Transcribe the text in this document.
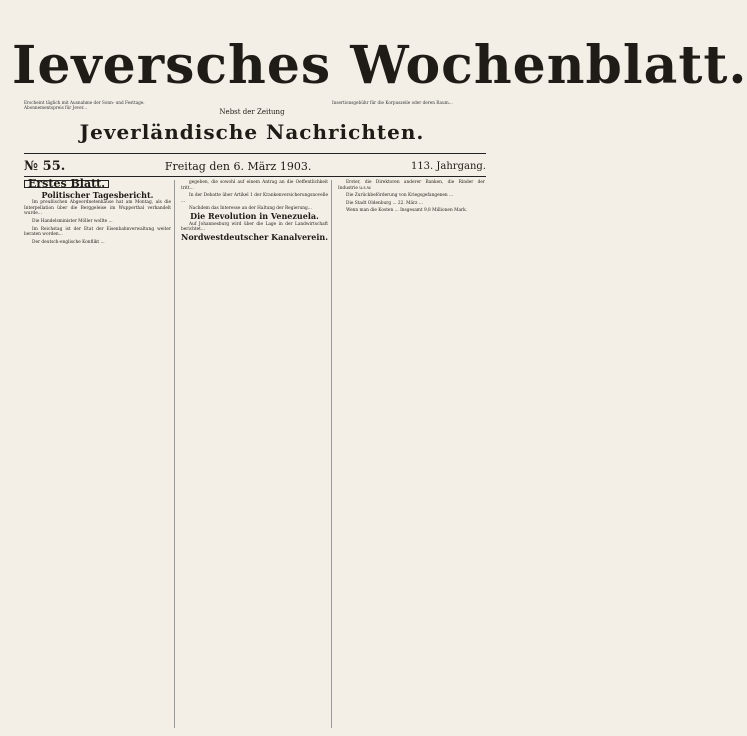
Ieversches Wochenblatt.
Erscheint täglich mit Ausnahme der Sonn- und Festtage. Abonnementspreis für Jever...
Insertionsgebühr für die Korpuszeile oder deren Raum...
Nebst der Zeitung
Jeverländische Nachrichten.
№ 55.	Freitag den 6. März 1903.	113. Jahrgang.
Erstes Blatt.
Politischer Tagesbericht.

Im preußischen Abgeordnetenhause hat am Montag, als die Interpellation über die Berggeleise im Wupperthal verhandelt wurde...

Die Handelsminister Möller wollte ...

Im Reichstag ist der Etat der Eisenbahnverwaltung weiter beraten worden...

Der deutsch-englische Konflikt ...

gegeben, die sowohl auf einem Antrag an die Oeffentlichkeit tritt...

In der Debatte über Artikel 1 der Krankenversicherungsnovelle ...

Nachdem das Interesse an der Haltung der Regierung...

Die Revolution in Venezuela.

Auf Johannesburg wird über die Lage in der Landwirtschaft berichtet...

Nordwestdeutscher Kanalverein.

Erster, die Direktoren anderer Banken, die Rinder der Industrie u.s.w.

Die Zurückbeförderung von Kriegsgefangenen ...

Die Stadt Oldenburg ... 22. März ...

Wenn man die Kosten ... Insgesamt 9,8 Millionen Mark.
